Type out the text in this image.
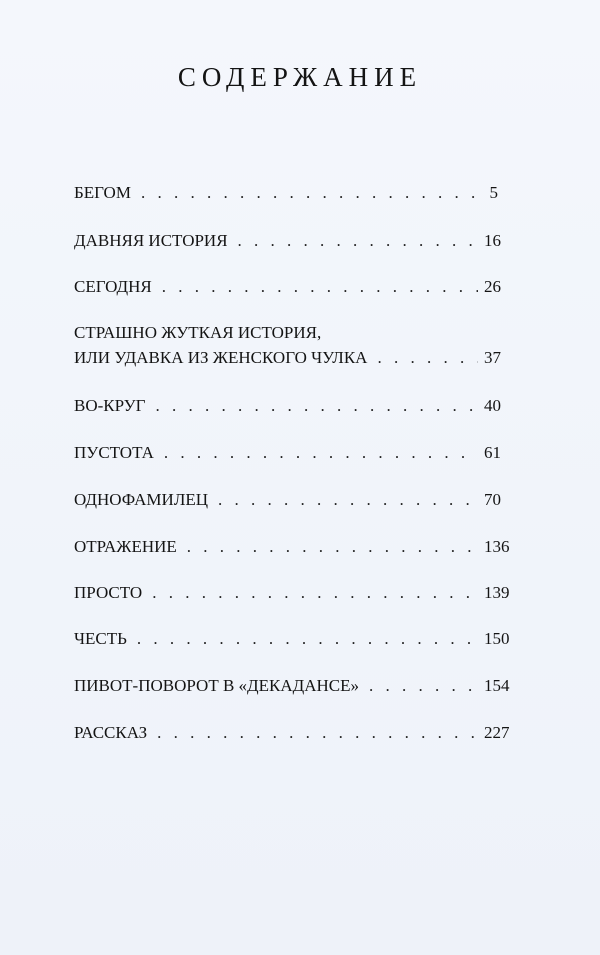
СОДЕРЖАНИЕ
БЕГОМ . . .	5
ДАВНЯЯ ИСТОРИЯ . . .	16
СЕГОДНЯ . . .	26
СТРАШНО ЖУТКАЯ ИСТОРИЯ,
ИЛИ УДАВКА ИЗ ЖЕНСКОГО ЧУЛКА . . .	37
ВО-КРУГ . . .	40
ПУСТОТА . . .	61
ОДНОФАМИЛЕЦ . . .	70
ОТРАЖЕНИЕ . . .	136
ПРОСТО . . .	139
ЧЕСТЬ . . .	150
ПИВОТ-ПОВОРОТ В «ДЕКАДАНСЕ» . . .	154
РАССКАЗ . . .	227
